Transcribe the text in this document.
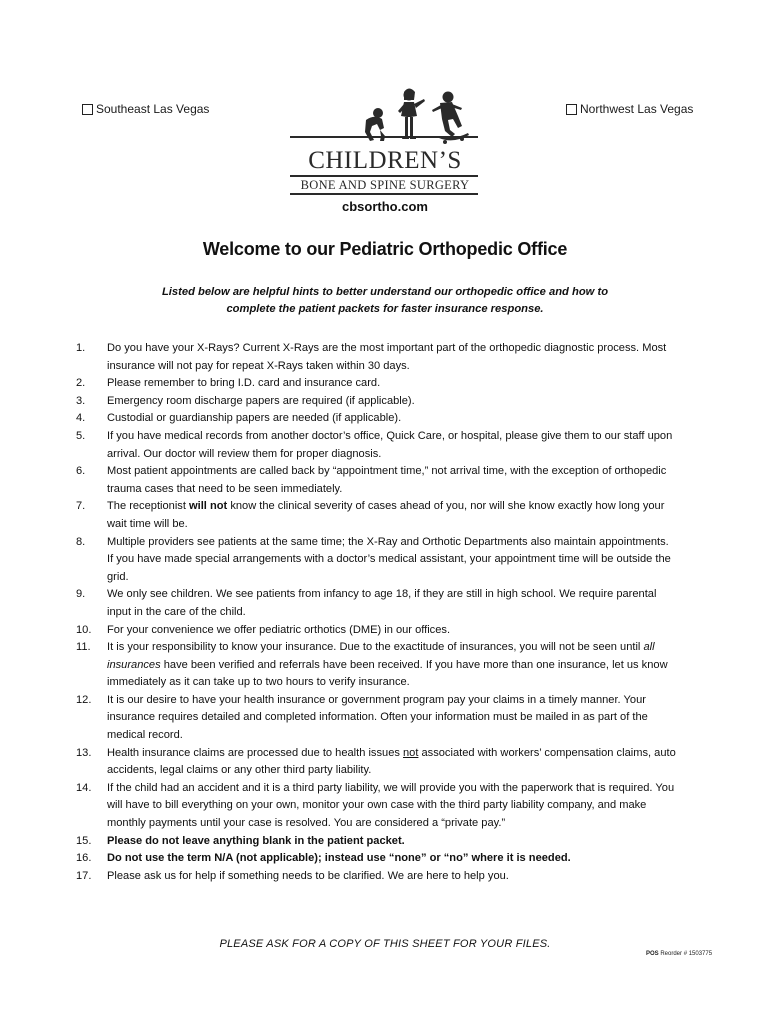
Southeast Las Vegas	Northwest Las Vegas
CHILDREN’S
BONE AND SPINE SURGERY
cbsortho.com
Welcome to our Pediatric Orthopedic Office
Listed below are helpful hints to better understand our orthopedic office and how to
complete the patient packets for faster insurance response.
1.	Do you have your X-Rays? Current X-Rays are the most important part of the orthopedic diagnostic process. Most
insurance will not pay for repeat X-Rays taken within 30 days.
2.	Please remember to bring I.D. card and insurance card.
3.	Emergency room discharge papers are required (if applicable).
4.	Custodial or guardianship papers are needed (if applicable).
5.	If you have medical records from another doctor’s office, Quick Care, or hospital, please give them to our staff upon
arrival. Our doctor will review them for proper diagnosis.
6.	Most patient appointments are called back by “appointment time,” not arrival time, with the exception of orthopedic
trauma cases that need to be seen immediately.
7.	The receptionist will not know the clinical severity of cases ahead of you, nor will she know exactly how long your
wait time will be.
8.	Multiple providers see patients at the same time; the X-Ray and Orthotic Departments also maintain appointments.
If you have made special arrangements with a doctor’s medical assistant, your appointment time will be outside the
grid.
9.	We only see children. We see patients from infancy to age 18, if they are still in high school. We require parental
input in the care of the child.
10.	For your convenience we offer pediatric orthotics (DME) in our offices.
11.	It is your responsibility to know your insurance. Due to the exactitude of insurances, you will not be seen until all
insurances have been verified and referrals have been received. If you have more than one insurance, let us know
immediately as it can take up to two hours to verify insurance.
12.	It is our desire to have your health insurance or government program pay your claims in a timely manner. Your
insurance requires detailed and completed information. Often your information must be mailed in as part of the
medical record.
13.	Health insurance claims are processed due to health issues not associated with workers’ compensation claims, auto
accidents, legal claims or any other third party liability.
14.	If the child had an accident and it is a third party liability, we will provide you with the paperwork that is required. You
will have to bill everything on your own, monitor your own case with the third party liability company, and make
monthly payments until your case is resolved. You are considered a “private pay.”
15.	Please do not leave anything blank in the patient packet.
16.	Do not use the term N/A (not applicable); instead use “none” or “no” where it is needed.
17.	Please ask us for help if something needs to be clarified. We are here to help you.
PLEASE ASK FOR A COPY OF THIS SHEET FOR YOUR FILES.
POS Reorder # 1503775
